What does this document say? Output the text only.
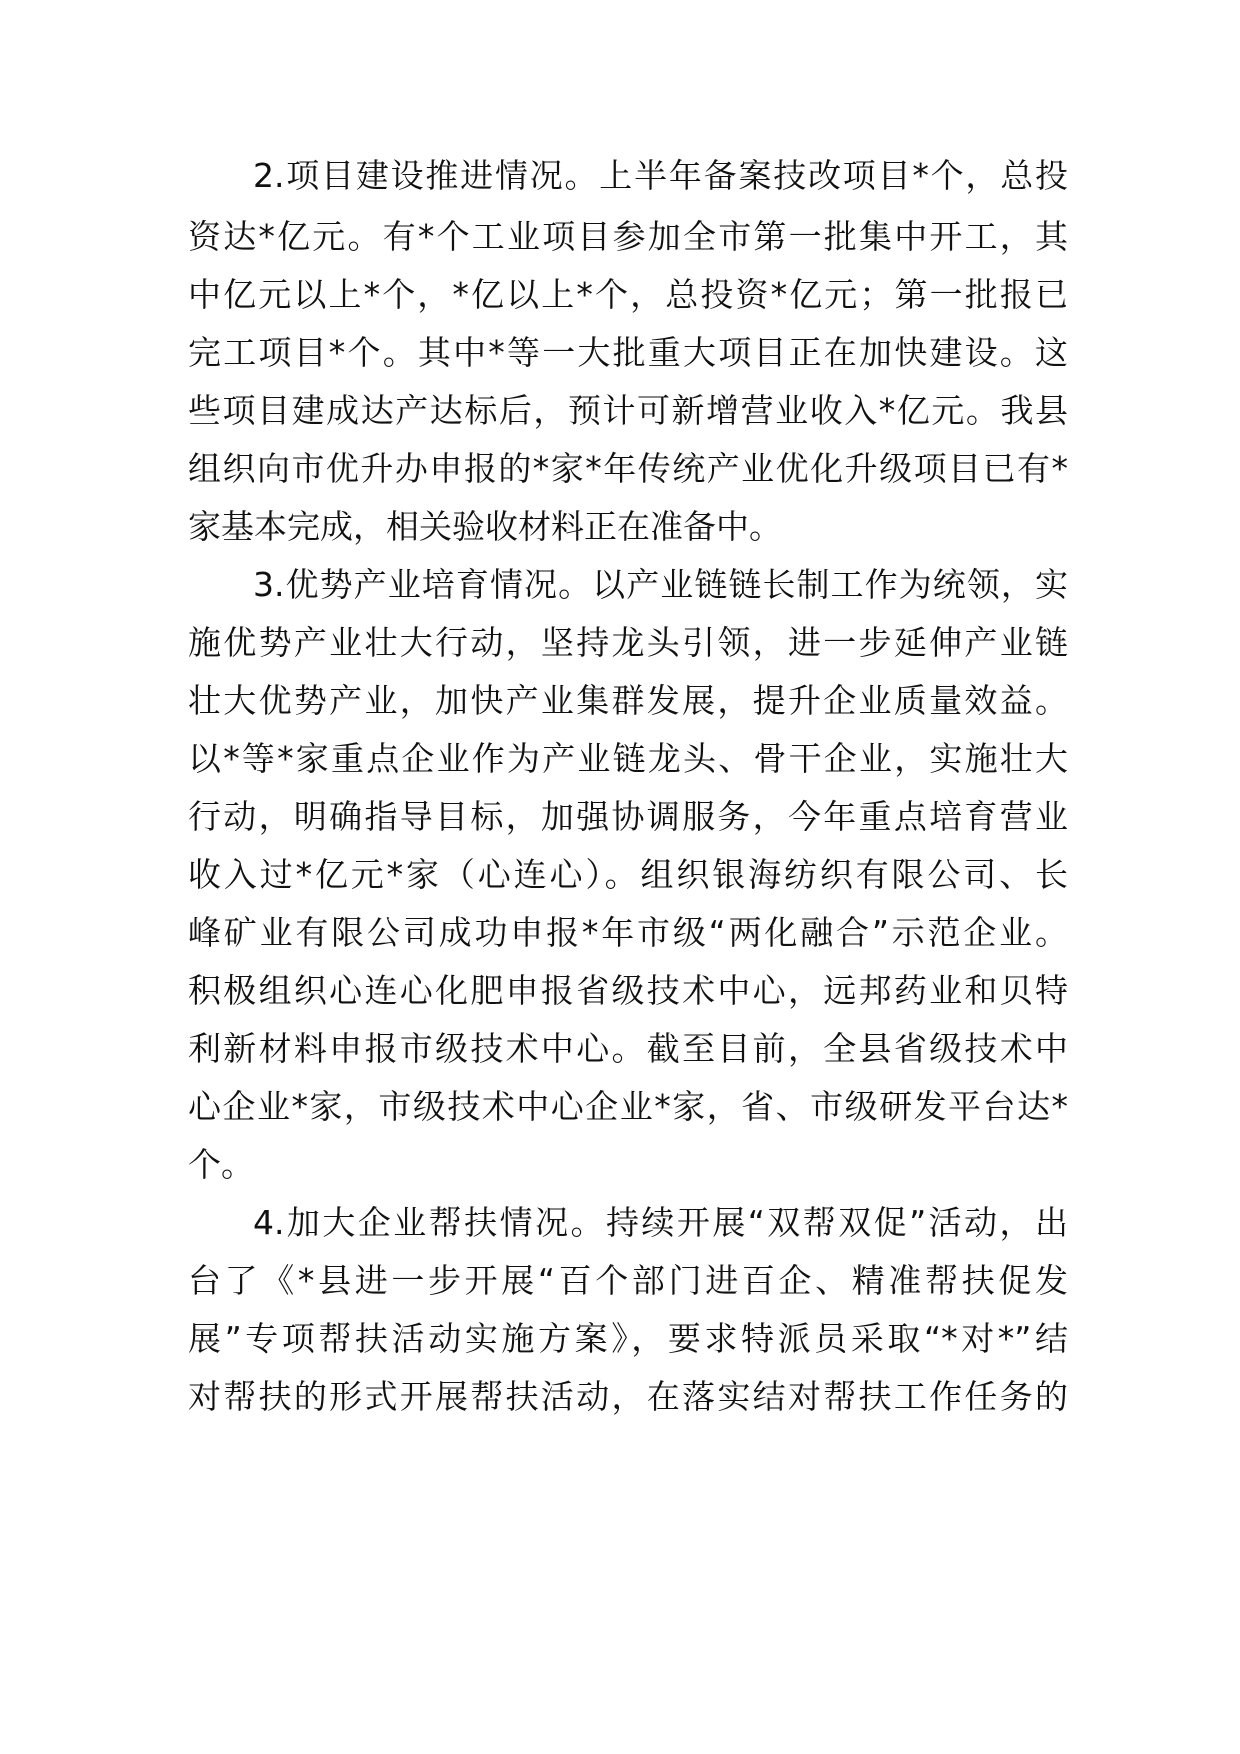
2.项目建设推进情况。上半年备案技改项目*个，总投
资达*亿元。有*个工业项目参加全市第一批集中开工，其
中亿元以上*个，*亿以上*个，总投资*亿元；第一批报已
完工项目*个。其中*等一大批重大项目正在加快建设。这
些项目建成达产达标后，预计可新增营业收入*亿元。我县
组织向市优升办申报的*家*年传统产业优化升级项目已有*
家基本完成，相关验收材料正在准备中。
3.优势产业培育情况。以产业链链长制工作为统领，实
施优势产业壮大行动，坚持龙头引领，进一步延伸产业链
壮大优势产业，加快产业集群发展，提升企业质量效益。
以*等*家重点企业作为产业链龙头、骨干企业，实施壮大
行动，明确指导目标，加强协调服务，今年重点培育营业
收入过*亿元*家（心连心）。组织银海纺织有限公司、长
峰矿业有限公司成功申报*年市级“两化融合”示范企业。
积极组织心连心化肥申报省级技术中心，远邦药业和贝特
利新材料申报市级技术中心。截至目前，全县省级技术中
心企业*家，市级技术中心企业*家，省、市级研发平台达*
个。
4.加大企业帮扶情况。持续开展“双帮双促”活动，出
台了《*县进一步开展“百个部门进百企、精准帮扶促发
展”专项帮扶活动实施方案》，要求特派员采取“*对*”结
对帮扶的形式开展帮扶活动，在落实结对帮扶工作任务的
